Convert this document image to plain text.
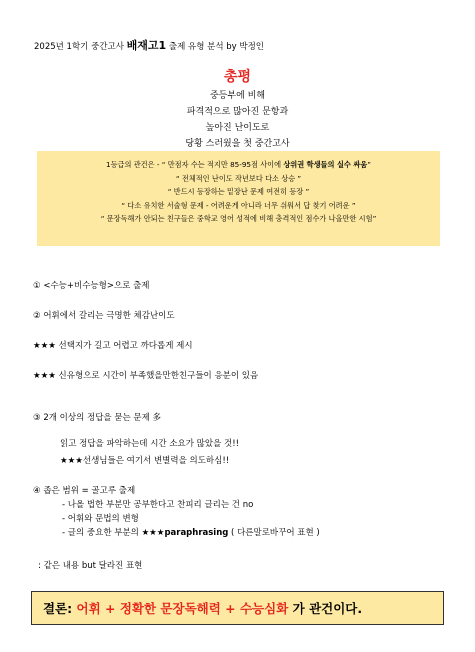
2025년 1학기 중간고사 배재고1 출제 유형 분석 by 박정인
총평
중등부에 비해
파격적으로 많아진 문항과
높아진 난이도로
당황 스러웠을 첫 중간고사
1등급의 관건은 - “ 만점자 수는 적지만 85-95점 사이에 상위권 학생들의 실수 싸움”
“ 전체적인 난이도 작년보다 다소 상승 ”
“ 반드시 등장하는 밑장난 문제 여전히 등장 ”
“ 다소 유치한 서술형 문제 - 어려운게 아니라 너무 쉬워서 답 찾기 어려운 ”
“ 문장독해가 안되는 친구들은 중학교 영어 성적에 비해 충격적인 점수가 나올만한 시험”
① <수능+비수능형>으로 출제
② 어휘에서 갈리는 극명한 체감난이도
★★★ 선택지가 길고 어렵고 까다롭게 제시
★★★ 신유형으로 시간이 부족했을만한친구들이 응분이 있음
③ 2개 이상의 정답을 묻는 문제 多
읽고 정답을 파악하는데 시간 소요가 많았을 것!!
★★★선생님들은 여기서 변별력을 의도하심!!
④ 좁은 범위 = 골고루 출제
- 나올 법한 부분만 공부한다고 찬피리 글리는 건 no
- 어휘와 문법의 변형
- 글의 중요한 부분의 ★★★paraphrasing ( 다른말로바꾸어 표현 )
: 같은 내용 but 달라진 표현
결론:
어휘 + 정확한 문장독해력 + 수능심화
가 관건이다.
